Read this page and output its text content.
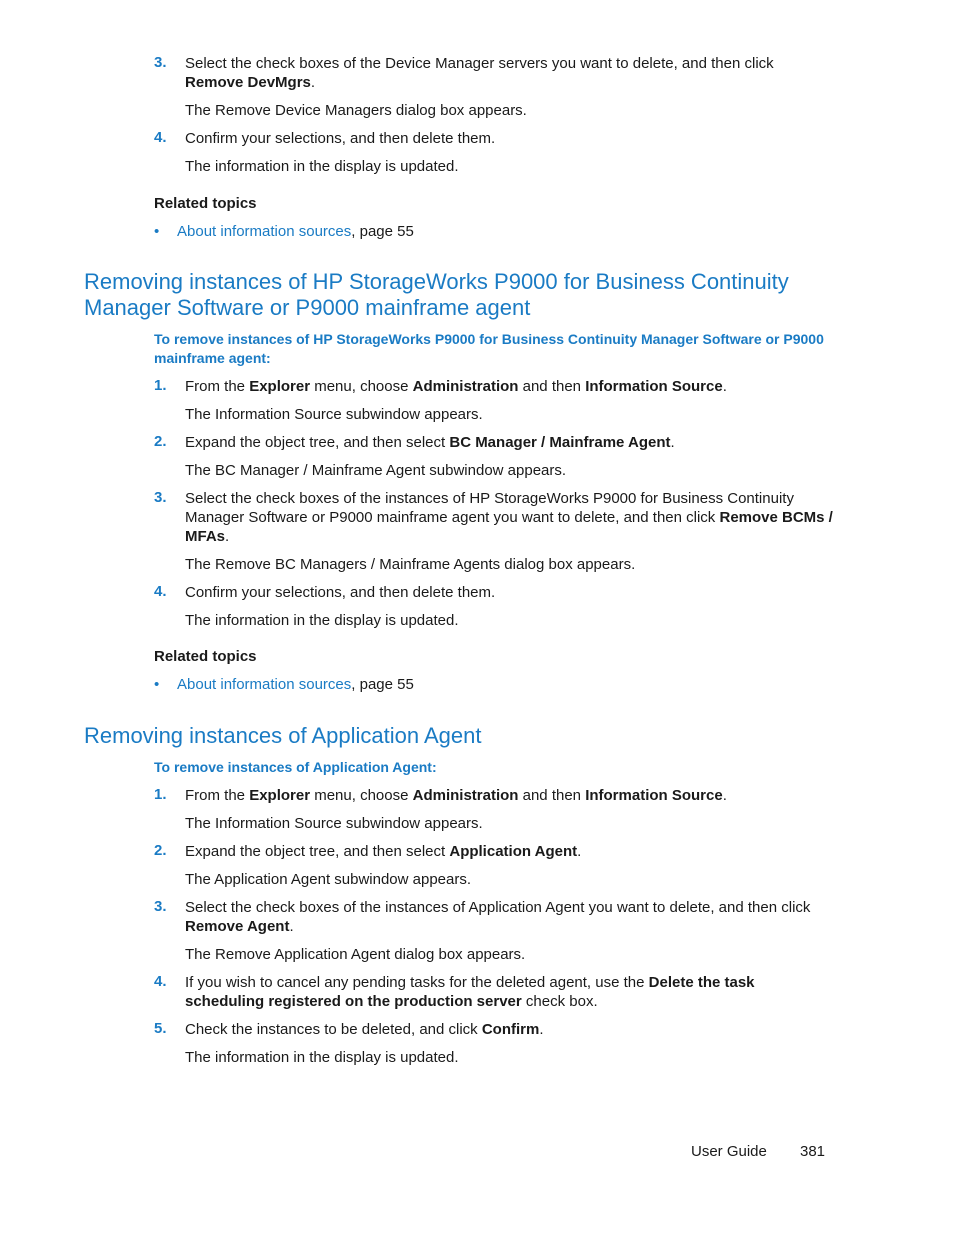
3.	Select the check boxes of the Device Manager servers you want to delete, and then click Remove DevMgrs.
The Remove Device Managers dialog box appears.
4.	Confirm your selections, and then delete them.
The information in the display is updated.
Related topics
• About information sources, page 55
Removing instances of HP StorageWorks P9000 for Business Continuity Manager Software or P9000 mainframe agent
To remove instances of HP StorageWorks P9000 for Business Continuity Manager Software or P9000 mainframe agent:
1.	From the Explorer menu, choose Administration and then Information Source.
The Information Source subwindow appears.
2.	Expand the object tree, and then select BC Manager / Mainframe Agent.
The BC Manager / Mainframe Agent subwindow appears.
3.	Select the check boxes of the instances of HP StorageWorks P9000 for Business Continuity Manager Software or P9000 mainframe agent you want to delete, and then click Remove BCMs / MFAs.
The Remove BC Managers / Mainframe Agents dialog box appears.
4.	Confirm your selections, and then delete them.
The information in the display is updated.
Related topics
• About information sources, page 55
Removing instances of Application Agent
To remove instances of Application Agent:
1.	From the Explorer menu, choose Administration and then Information Source.
The Information Source subwindow appears.
2.	Expand the object tree, and then select Application Agent.
The Application Agent subwindow appears.
3.	Select the check boxes of the instances of Application Agent you want to delete, and then click Remove Agent.
The Remove Application Agent dialog box appears.
4.	If you wish to cancel any pending tasks for the deleted agent, use the Delete the task scheduling registered on the production server check box.
5.	Check the instances to be deleted, and click Confirm.
The information in the display is updated.
User Guide 381
